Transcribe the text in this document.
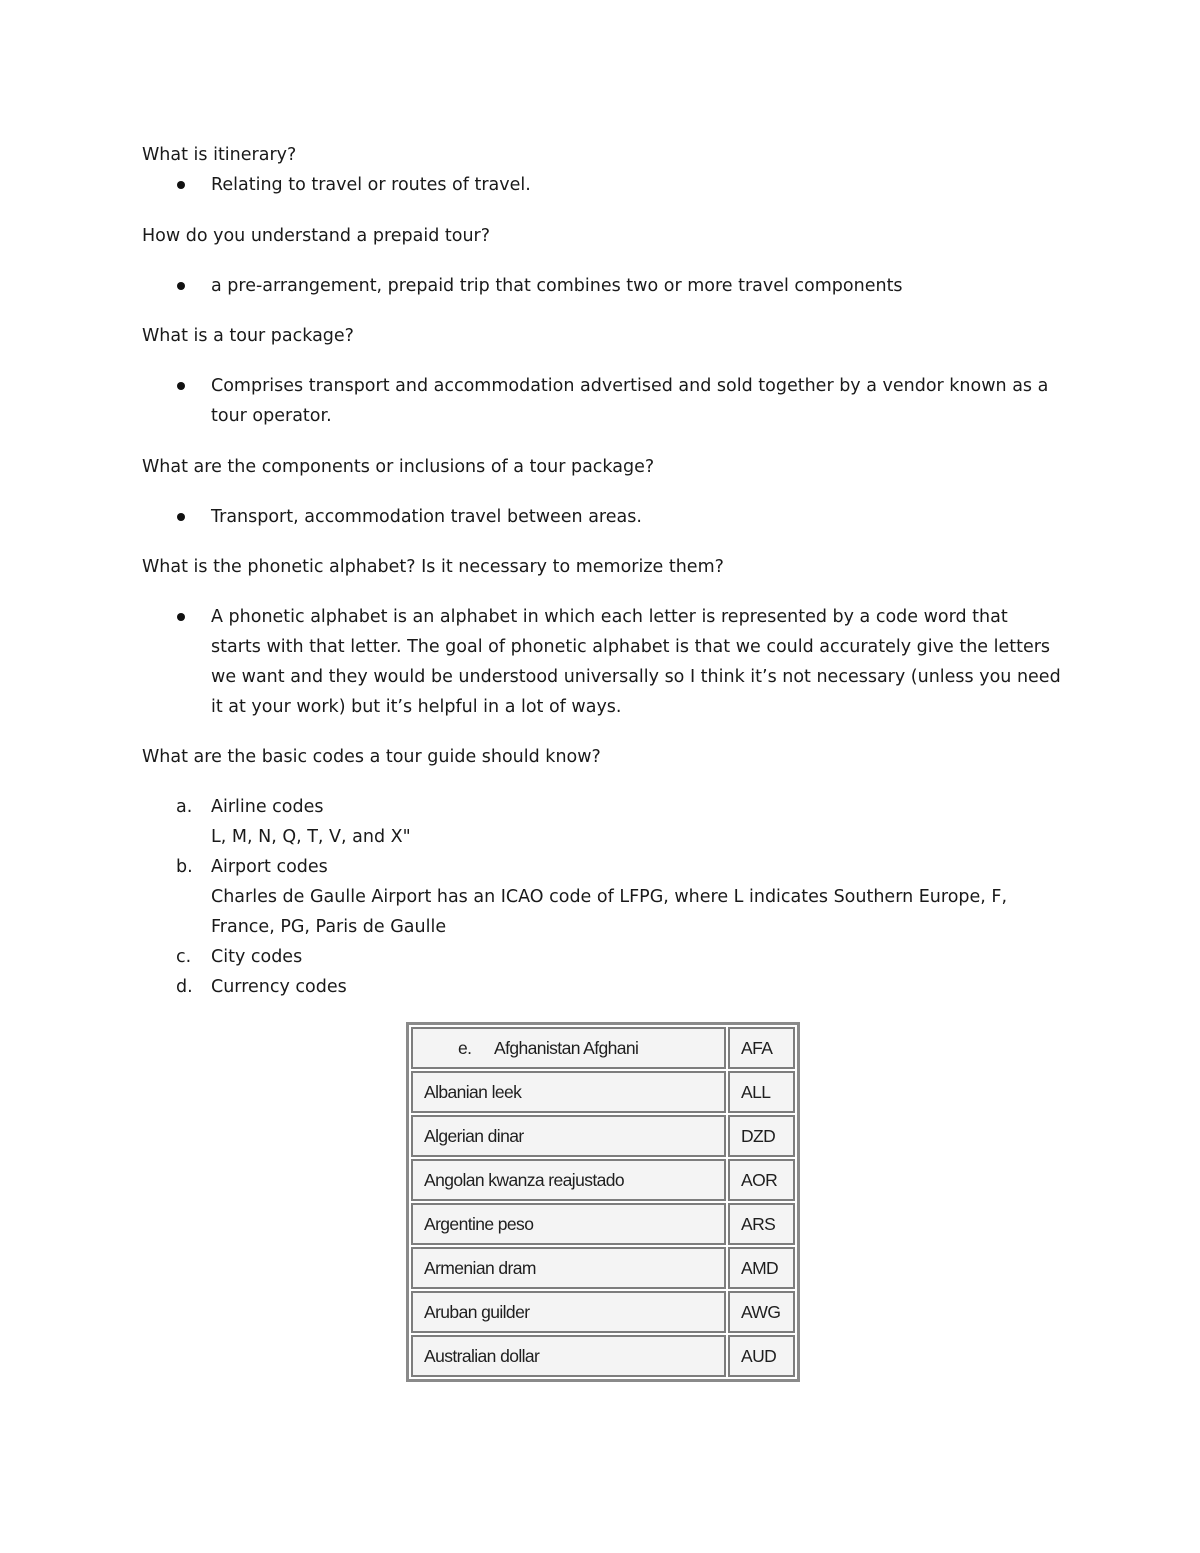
What is itinerary?

Relating to travel or routes of travel.

How do you understand a prepaid tour?

a pre-arrangement, prepaid trip that combines two or more travel components

What is a tour package?

Comprises transport and accommodation advertised and sold together by a vendor known as a tour operator.

What are the components or inclusions of a tour package?

Transport, accommodation travel between areas.

What is the phonetic alphabet? Is it necessary to memorize them?

A phonetic alphabet is an alphabet in which each letter is represented by a code word that starts with that letter. The goal of phonetic alphabet is that we could accurately give the letters we want and they would be understood universally so I think it’s not necessary (unless you need it at your work) but it’s helpful in a lot of ways.

What are the basic codes a tour guide should know?

a. Airline codes
L, M, N, Q, T, V, and X"
b. Airport codes
Charles de Gaulle Airport has an ICAO code of LFPG, where L indicates Southern Europe, F, France, PG, Paris de Gaulle
c. City codes
d. Currency codes
e. Afghanistan Afghani	AFA
Albanian leek	ALL
Algerian dinar	DZD
Angolan kwanza reajustado	AOR
Argentine peso	ARS
Armenian dram	AMD
Aruban guilder	AWG
Australian dollar	AUD
